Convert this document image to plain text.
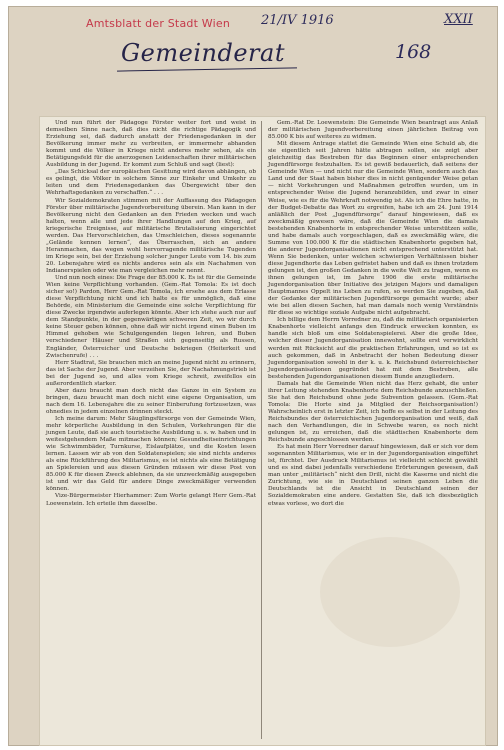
Amtsblatt der Stadt Wien 21/IV 1916	XXII
Gemeinderat	168

Und nun führt der Pädagoge Förster weiter fort und weist in demselben Sinne nach, daß dies nicht die richtige Pädagogik und Erziehung sei, daß dadurch anstatt der Friedensgedanken in der Bevölkerung immer mehr zu verbreiten, er immermehr abhanden kommt und die Völker in Kriege nicht anderes mehr sehen, als ein Betätigungsfeld für die anerzogenen Leidenschaften ihrer militärischen Ausbildung in der Jugend. Er kommt zum Schluß und sagt (liest):

„Das Schicksal der europäischen Gesittung wird davon abhängen, ob es gelingt, die Völker in solchem Sinne zur Einkehr und Umkehr zu leiten und dem Friedensgedanken das Übergewicht über den Wehrhaftsgedanken zu verschaffen.“ . . .

Wir Sozialdemokraten stimmen mit der Auffassung des Pädagogen Förster über militärische Jugendvorbereitung überein. Man kann in der Bevölkerung nicht den Gedanken an den Frieden wecken und wach halten, wenn alle und jede ihrer Handlungen auf den Krieg, auf kriegerische Ereignisse, auf militärische Brutalisierung eingerichtet werden. Das Hervorschleichen, das Umschleichen, dieses sogenannte „Gelände kennen lernen“, das Überraschen, sich an andere Heranmachen, das wegen wohl hervorragende militärische Tugenden im Kriege sein, bei der Erziehung solcher junger Leute vom 14. bis zum 20. Lebensjahre wird es nichts anderes sein als ein Nachahmen von Indianerspielen oder wie man vergleichen mehr nennt.

Und nun noch eines: Die Frage der 85.000 K. Es ist für die Gemeinde Wien keine Verpflichtung vorhanden. (Gem.-Rat Tomola: Es ist doch sicher so!) Pardon, Herr Gem.-Rat Tomola, ich ersehe aus dem Erlasse diese Verpflichtung nicht und ich halte es für unmöglich, daß eine Behörde, ein Ministerium die Gemeinde eine solche Verpflichtung für diese Zwecke irgendwie auferlegen könnte. Aber ich stehe auch nur auf dem Standpunkte, in der gegenwärtigen schweren Zeit, wo wir durch keine Steuer geben können, ohne daß wir nicht irgend einen Buben im Himmel gehoben wie Schulgengenden liegen lehren, und Buben verschiedener Häuser und Straßen sich gegenseitig als Russen, Engländer, Österreicher und Deutsche bekriegen (Heiterkeit und Zwischenrufe) . . .

Herr Stadtrat, Sie brauchen mich an meine Jugend nicht zu erinnern, das ist Sache der Jugend. Aber verzeihen Sie, der Nachahmungstrieb ist bei der Jugend so, und alles vom Kriege schreit, zweifellos ein außerordentlich starker.

Aber dazu braucht man doch nicht das Ganze in ein System zu bringen, dazu braucht man doch nicht eine eigene Organisation, um nach dem 16. Lebensjahre die zu seiner Einberufung fortzusetzen, was ohnedies in jedem einzelnen drinnen steckt.

Ich meine darum: Mehr Säuglingsfürsorge von der Gemeinde Wien, mehr körperliche Ausbildung in den Schulen, Vorkehrungen für die jungen Leute, daß sie auch touristische Ausbildung u. s. w. haben und in weitestgehendem Maße mitmachen können; Gesundheitseinrichtungen wie Schwimmbäder, Turnkurse, Eislaufplätze, und die Kosten lesen lernen. Lassen wir ab von den Soldatenspielen; sie sind nichts anderes als eine Rückführung des Militarismus, es ist nichts als eine Betätigung an Spielereien und aus diesen Gründen müssen wir diese Post von 85.000 K für diesen Zweck ablehnen, da sie unzweckmäßig ausgegeben ist und wir das Geld für andere Dinge zweckmäßiger verwenden können.

Vize-Bürgermeister Hierhammer: Zum Worte gelangt Herr Gem.-Rat Loewenstein. Ich erteile ihm dasselbe.

Gem.-Rat Dr. Loewenstein: Die Gemeinde Wien beantragt aus Anlaß der militärischen Jugendvorbereitung einen jährlichen Beitrag von 85.000 K bis auf weiteres zu widmen.

Mit diesem Antrage stattet die Gemeinde Wien eine Schuld ab, die sie eigentlich seit Jahren hätte abtragen sollen, sie zeigt aber gleichzeitig das Bestreben für das Beginnen einer entsprechenden Jugendfürsorge festzuhalten. Es ist gewiß bedauerlich, daß seitens der Gemeinde Wien — und nicht nur die Gemeinde Wien, sondern auch das Land und der Staat haben bisher dies in nicht genügender Weise getan — nicht Vorkehrungen und Maßnahmen getroffen wurden, um in entsprechender Weise die Jugend heranzubilden, und zwar in einer Weise, wie es für die Wehrkraft notwendig ist. Als ich die Ehre hatte, in der Budget-Debatte das Wort zu ergreifen, habe ich am 24. Juni 1914 anläßlich der Post „Jugendfürsorge“ darauf hingewiesen, daß es zweckmäßig gewesen wäre, daß die Gemeinde Wien die damals bestehenden Knabenhorte in entsprechender Weise unterstützen solle, und habe damals auch vorgeschlagen, daß es zweckmäßig wäre, die Summe von 100.000 K für die städtischen Knabenhorte gegeben hat, die anderer Jugendorganisationen nicht entsprechend unterstützt hat. Wenn Sie bedenken, unter welchen schwierigen Verhältnissen bisher diese Jugendhorte das Leben gefristet haben und daß es ihnen trotzdem gelungen ist, den großen Gedanken in die weite Welt zu tragen, wenn es ihnen gelungen ist, im Jahre 1906 die erste militärische Jugendorganisation über Initiative des jetzigen Majors und damaligen Hauptmannes Oppelt ins Leben zu rufen, so werden Sie zugeben, daß der Gedanke der militärischen Jugendfürsorge gemacht wurde; aber wie bei allen diesen Sachen, hat man damals noch wenig Verständnis für diese so wichtige soziale Aufgabe nicht aufgebracht.

Ich billige dem Herrn Vorredner zu, daß die militärisch organisierten Knabenhorte vielleicht anfangs den Eindruck erwecken konnten, es handle sich bloß um eine Soldatenspielerei. Aber die große Idee, welcher dieser Jugendorganisation innewohnt, sollte erst verwirklicht werden mit Rücksicht auf die praktischen Erfahrungen, und so ist es auch gekommen, daß in Anbetracht der hohen Bedeutung dieser Jugendorganisation sowohl in der k. u. k. Reichsbund österreichischer Jugendorganisationen gegründet hat mit dem Bestreben, alle bestehenden Jugendorganisationen diesem Bunde anzugliedern.

Damals hat die Gemeinde Wien nicht das Herz gehabt, die unter ihrer Leitung stehenden Knabenhorte dem Reichsbunde anzuschließen. Sie hat den Reichsbund ohne jede Subvention gelassen. (Gem.-Rat Tomola: Die Horte sind ja Mitglied der Reichsorganisation!) Wahrscheinlich erst in letzter Zeit, ich hoffe es selbst in der Leitung des Reichsbundes der österreichischen Jugendorganisation und weiß, daß nach den Verhandlungen, die in Schwebe waren, es noch nicht gelungen ist, zu erreichen, daß die städtischen Knabenhorte dem Reichsbunde angeschlossen werden.

Es hat mein Herr Vorredner darauf hingewiesen, daß er sich vor dem sogenannten Militarismus, wie er in der Jugendorganisation eingeführt ist, fürchtet. Der Ausdruck Militarismus ist vielleicht schlecht gewählt und es sind dabei jedenfalls verschiedene Erörterungen gewesen, daß man unter „militärisch“ nicht den Drill, nicht die Kaserne und nicht die Zurichtung, wie sie in Deutschland seinen ganzen Leben die Deutschlands ist die Ansicht in Deutschland seinen der Sozialdemokraten eine andere. Gestatten Sie, daß ich diesbezüglich etwas vorlese, wo dort die
